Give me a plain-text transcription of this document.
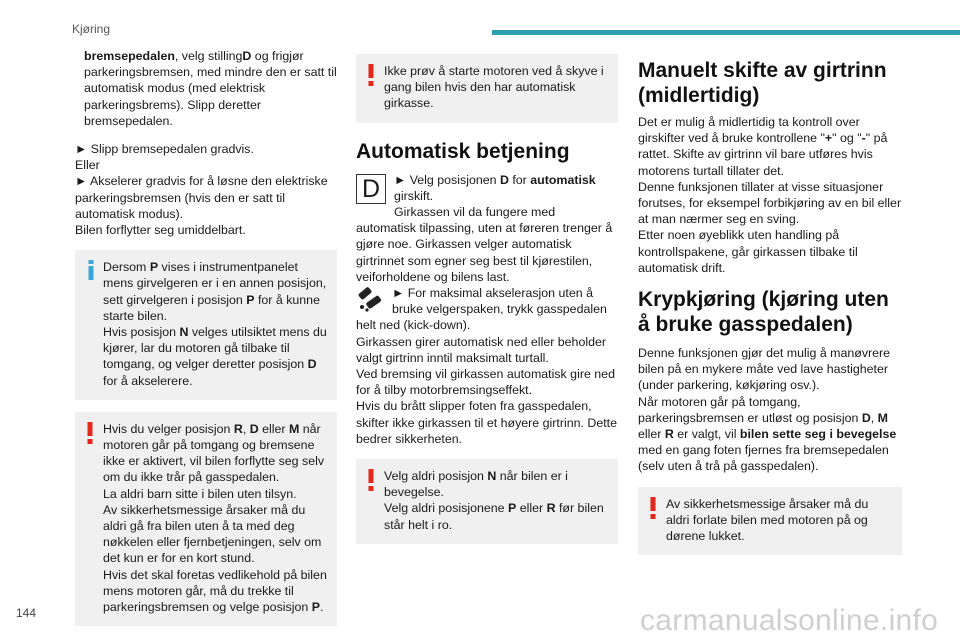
Kjøring

bremsepedalen, velg stillingD og frigjør parkeringsbremsen, med mindre den er satt til automatisk modus (med elektrisk parkeringsbrems). Slipp deretter bremsepedalen.

► Slipp bremsepedalen gradvis.
Eller
► Akselerer gradvis for å løsne den elektriske parkeringsbremsen (hvis den er satt til automatisk modus).
Bilen forflytter seg umiddelbart.

Dersom P vises i instrumentpanelet mens girvelgeren er i en annen posisjon, sett girvelgeren i posisjon P for å kunne starte bilen.
Hvis posisjon N velges utilsiktet mens du kjører, lar du motoren gå tilbake til tomgang, og velger deretter posisjon D for å akselerere.

Hvis du velger posisjon R, D eller M når motoren går på tomgang og bremsene ikke er aktivert, vil bilen forflytte seg selv om du ikke trår på gasspedalen.
La aldri barn sitte i bilen uten tilsyn.
Av sikkerhetsmessige årsaker må du aldri gå fra bilen uten å ta med deg nøkkelen eller fjernbetjeningen, selv om det kun er for en kort stund.
Hvis det skal foretas vedlikehold på bilen mens motoren går, må du trekke til parkeringsbremsen og velge posisjon P.

Ikke prøv å starte motoren ved å skyve i gang bilen hvis den har automatisk girkasse.

Automatisk betjening
D	► Velg posisjonen D for automatisk girskift.
Girkassen vil da fungere med automatisk tilpassing, uten at føreren trenger å gjøre noe. Girkassen velger automatisk girtrinnet som egner seg best til kjørestilen, veiforholdene og bilens last.

► For maksimal akselerasjon uten å bruke velgerspaken, trykk gasspedalen helt ned (kick-down).
Girkassen girer automatisk ned eller beholder valgt girtrinn inntil maksimalt turtall.
Ved bremsing vil girkassen automatisk gire ned for å tilby motorbremsingseffekt.
Hvis du brått slipper foten fra gasspedalen, skifter ikke girkassen til et høyere girtrinn. Dette bedrer sikkerheten.

Velg aldri posisjon N når bilen er i bevegelse.
Velg aldri posisjonene P eller R før bilen står helt i ro.

Manuelt skifte av girtrinn (midlertidig)

Det er mulig å midlertidig ta kontroll over girskifter ved å bruke kontrollene "+" og "-" på rattet. Skifte av girtrinn vil bare utføres hvis motorens turtall tillater det.
Denne funksjonen tillater at visse situasjoner forutses, for eksempel forbikjøring av en bil eller at man nærmer seg en sving.
Etter noen øyeblikk uten handling på kontrollspakene, går girkassen tilbake til automatisk drift.

Krypkjøring (kjøring uten å bruke gasspedalen)

Denne funksjonen gjør det mulig å manøvrere bilen på en mykere måte ved lave hastigheter (under parkering, køkjøring osv.).
Når motoren går på tomgang, parkeringsbremsen er utløst og posisjon D, M eller R er valgt, vil bilen sette seg i bevegelse med en gang foten fjernes fra bremsepedalen (selv uten å trå på gasspedalen).

Av sikkerhetsmessige årsaker må du aldri forlate bilen med motoren på og dørene lukket.

144	carmanualsonline.info
